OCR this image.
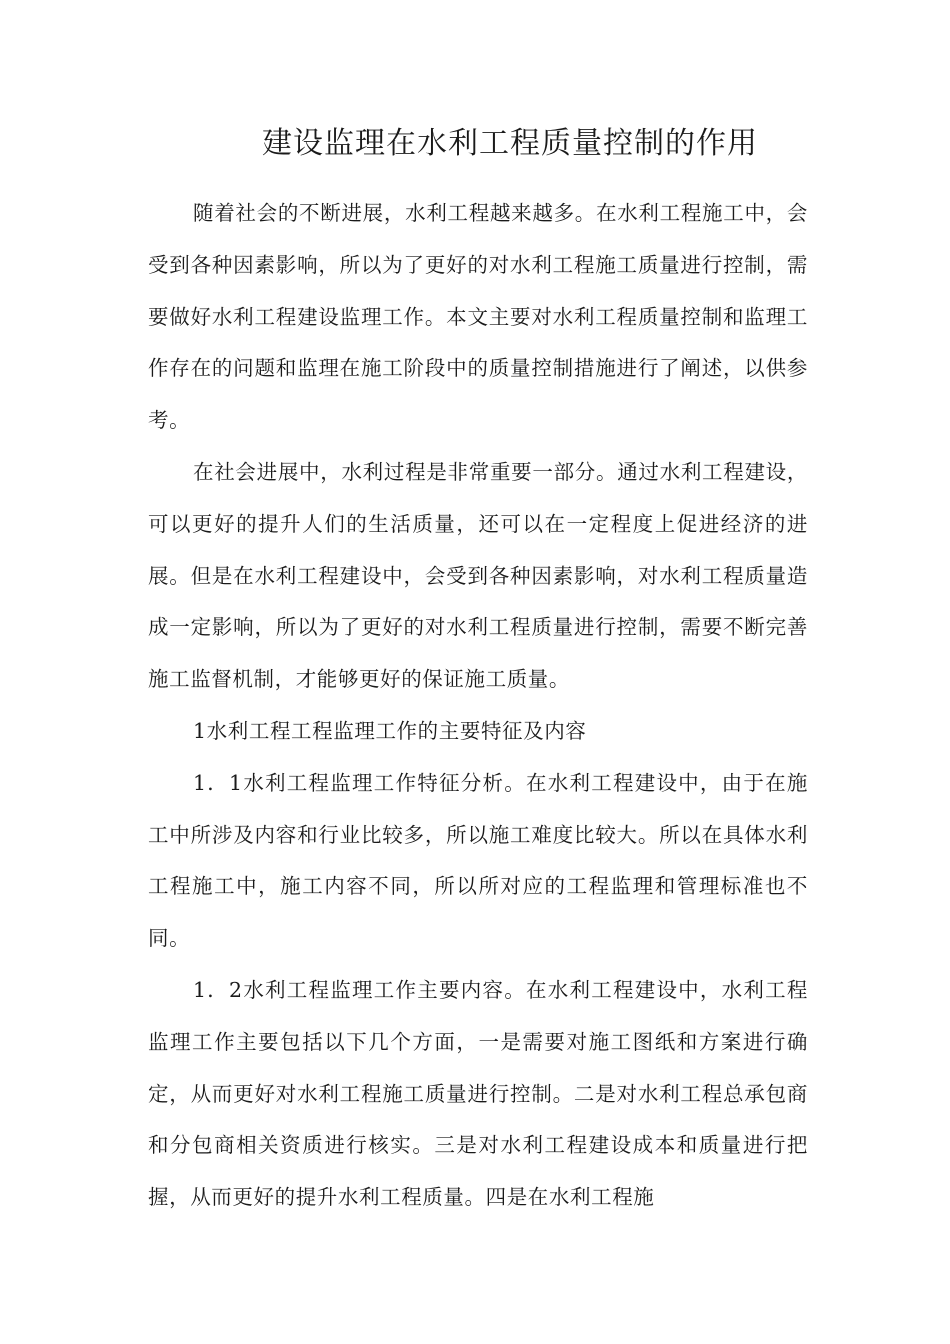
建设监理在水利工程质量控制的作用

随着社会的不断进展，水利工程越来越多。在水利工程施工中，会受到各种因素影响，所以为了更好的对水利工程施工质量进行控制，需要做好水利工程建设监理工作。本文主要对水利工程质量控制和监理工作存在的问题和监理在施工阶段中的质量控制措施进行了阐述，以供参考。

在社会进展中，水利过程是非常重要一部分。通过水利工程建设，可以更好的提升人们的生活质量，还可以在一定程度上促进经济的进展。但是在水利工程建设中，会受到各种因素影响，对水利工程质量造成一定影响，所以为了更好的对水利工程质量进行控制，需要不断完善施工监督机制，才能够更好的保证施工质量。

1水利工程工程监理工作的主要特征及内容

1．1水利工程监理工作特征分析。在水利工程建设中，由于在施工中所涉及内容和行业比较多，所以施工难度比较大。所以在具体水利工程施工中，施工内容不同，所以所对应的工程监理和管理标准也不同。

1．2水利工程监理工作主要内容。在水利工程建设中，水利工程监理工作主要包括以下几个方面，一是需要对施工图纸和方案进行确定，从而更好对水利工程施工质量进行控制。二是对水利工程总承包商和分包商相关资质进行核实。三是对水利工程建设成本和质量进行把握，从而更好的提升水利工程质量。四是在水利工程施
